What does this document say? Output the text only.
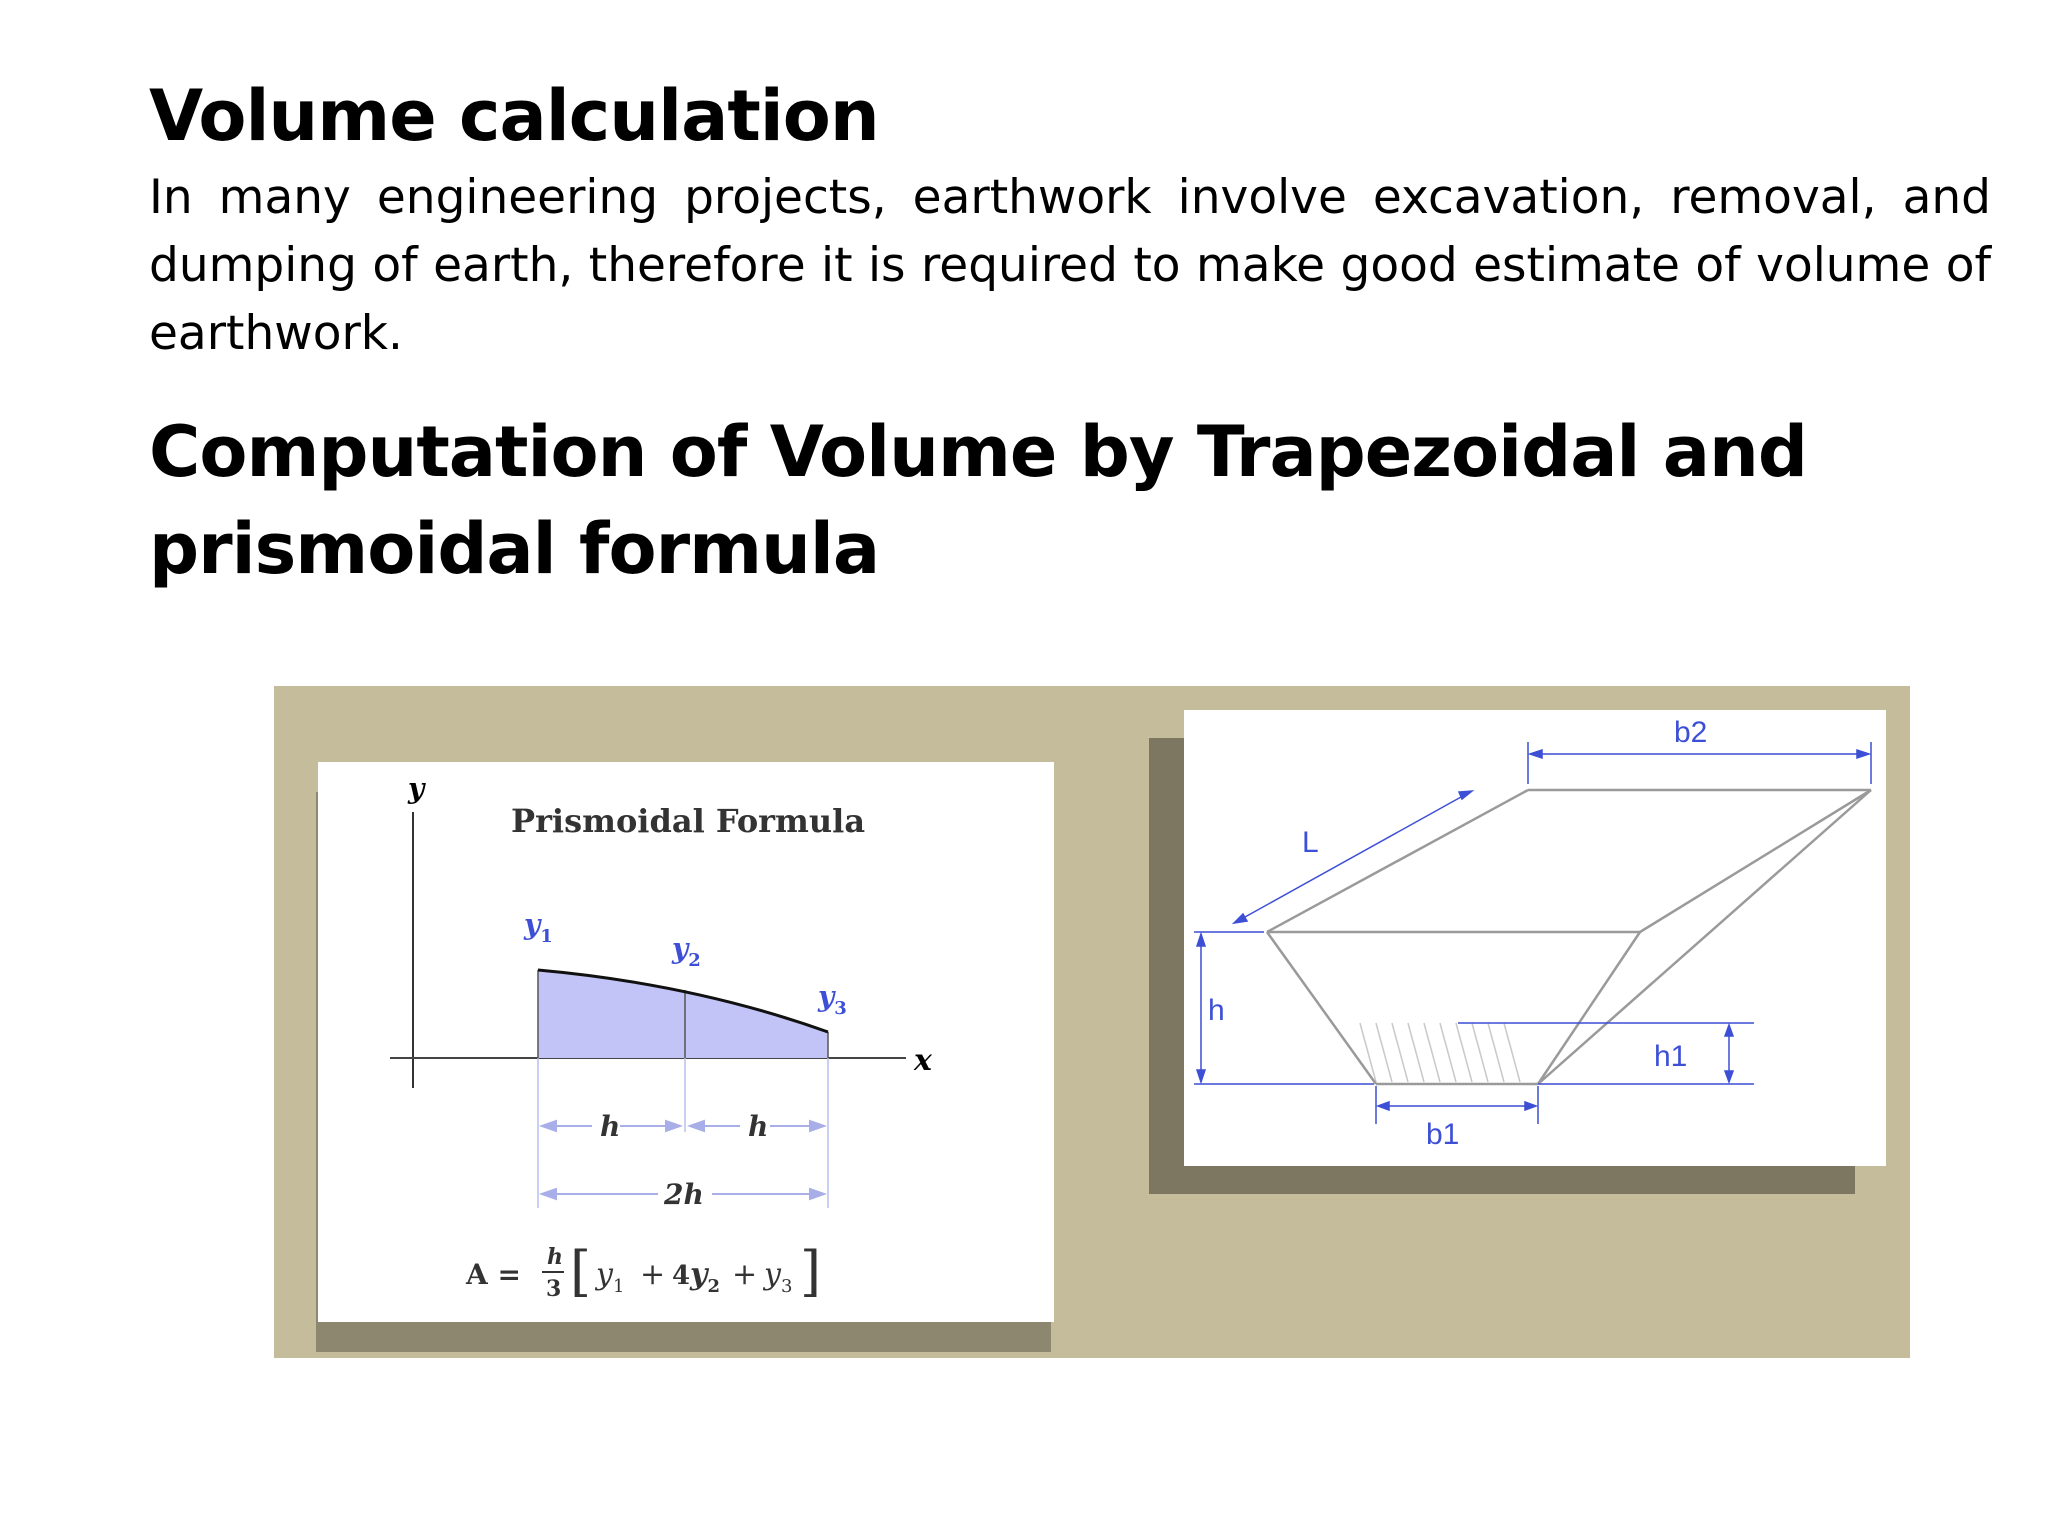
Volume calculation

In many engineering projects, earthwork involve excavation, removal, and dumping of earth, therefore it is required to make good estimate of volume of earthwork.

Computation of Volume by Trapezoidal and prismoidal formula
y
x
Prismoidal Formula
$y_1$	$y_2$
$y_3$
h	h
2h
A =
h
3 [ $y_1 + 4$ $y_2 + y_3$ ]
b2
L
h
h1
b1
